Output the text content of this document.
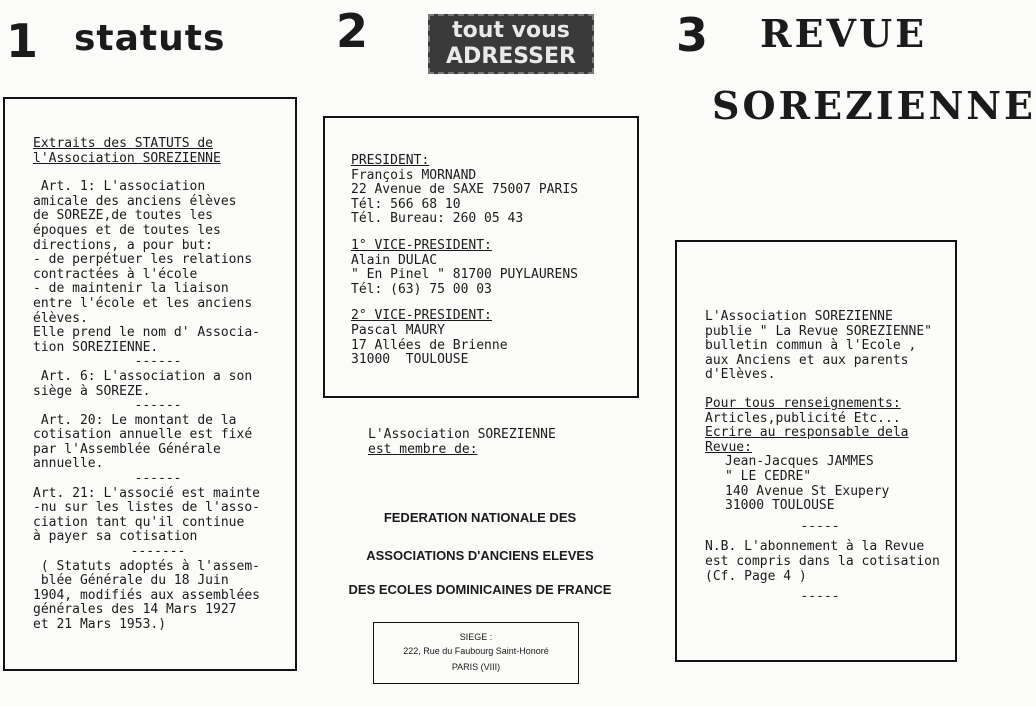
1 statuts 2	tout vous
ADRESSER 3 REVUE
SOREZIENNE
Extraits des STATUTS de
l'Association SOREZIENNE
Art. 1: L'association
amicale des anciens élèves
de SOREZE,de toutes les
époques et de toutes les
directions, a pour but:
- de perpétuer les relations
contractées à l'école
- de maintenir la liaison
entre l'école et les anciens
élèves.
Elle prend le nom d' Associa-
tion SOREZIENNE.
------
Art. 6: L'association a son
siège à SOREZE.
------
Art. 20: Le montant de la
cotisation annuelle est fixé
par l'Assemblée Générale
annuelle.
------
Art. 21: L'associé est mainte
-nu sur les listes de l'asso-
ciation tant qu'il continue
à payer sa cotisation
-------
( Statuts adoptés à l'assem-
blée Générale du 18 Juin
1904, modifiés aux assemblées
générales des 14 Mars 1927
et 21 Mars 1953.)
PRESIDENT:
François MORNAND
22 Avenue de SAXE 75007 PARIS
Tél: 566 68 10
Tél. Bureau: 260 05 43
1° VICE-PRESIDENT:
Alain DULAC
" En Pinel " 81700 PUYLAURENS
Tél: (63) 75 00 03
2° VICE-PRESIDENT:
Pascal MAURY
17 Allées de Brienne
31000  TOULOUSE
L'Association SOREZIENNE
est membre de:
FEDERATION NATIONALE DES
ASSOCIATIONS D'ANCIENS ELEVES
DES ECOLES DOMINICAINES DE FRANCE
SIEGE :
222, Rue du Faubourg Saint-Honoré
PARIS (VIII)
L'Association SOREZIENNE
publie " La Revue SOREZIENNE"
bulletin commun à l'Ecole ,
aux Anciens et aux parents
d'Elèves.
Pour tous renseignements:
Articles,publicité Etc...
Ecrire au responsable dela
Revue:
Jean-Jacques JAMMES
" LE CEDRE"
140 Avenue St Exupery
31000 TOULOUSE
-----
N.B. L'abonnement à la Revue
est compris dans la cotisation
(Cf. Page 4 )
-----
